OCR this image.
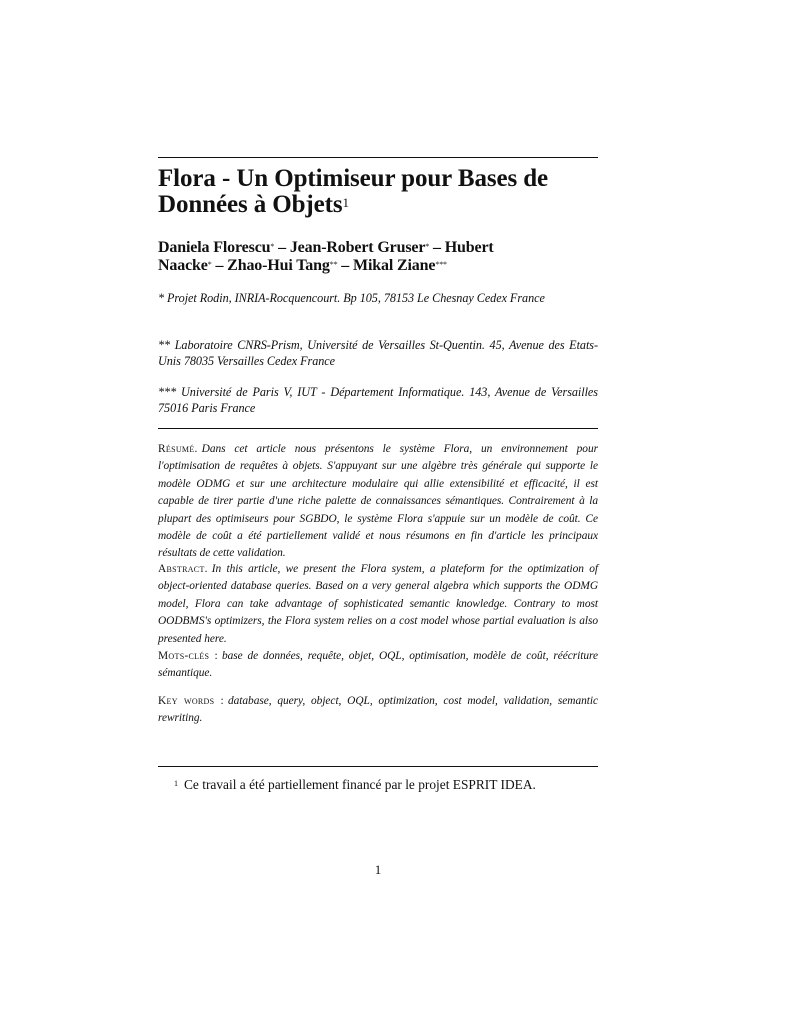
Flora - Un Optimiseur pour Bases de
Données à Objets$^1$
Daniela Florescu* – Jean-Robert Gruser* – Hubert
Naacke* – Zhao-Hui Tang** – Mikal Ziane***

* Projet Rodin, INRIA-Rocquencourt. Bp 105, 78153 Le Chesnay Cedex France

** Laboratoire CNRS-Prism, Université de Versailles St-Quentin. 45, Avenue des Etats-Unis 78035 Versailles Cedex France

*** Université de Paris V, IUT - Département Informatique. 143, Avenue de Versailles 75016 Paris France

Résumé. Dans cet article nous présentons le système Flora, un environnement pour l'optimisation de requêtes à objets. S'appuyant sur une algèbre très générale qui supporte le modèle ODMG et sur une architecture modulaire qui allie extensibilité et efficacité, il est capable de tirer partie d'une riche palette de connaissances sémantiques. Contrairement à la plupart des optimiseurs pour SGBDO, le système Flora s'appuie sur un modèle de coût. Ce modèle de coût a été partiellement validé et nous résumons en fin d'article les principaux résultats de cette validation.

Abstract. In this article, we present the Flora system, a plateform for the optimization of object-oriented database queries. Based on a very general algebra which supports the ODMG model, Flora can take advantage of sophisticated semantic knowledge. Contrary to most OODBMS's optimizers, the Flora system relies on a cost model whose partial evaluation is also presented here.

Mots-clés : base de données, requête, objet, OQL, optimisation, modèle de coût, réécriture sémantique.

Key words : database, query, object, OQL, optimization, cost model, validation, semantic rewriting.

$^1$ Ce travail a été partiellement financé par le projet ESPRIT IDEA.

1
